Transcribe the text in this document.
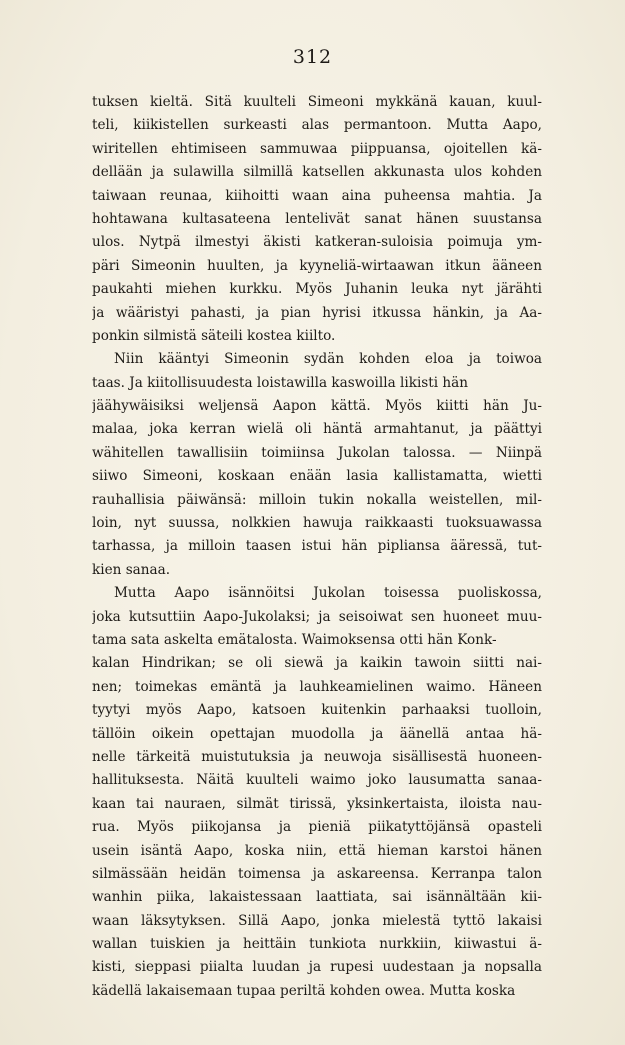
312
tuksen kieltä. Sitä kuulteli Simeoni mykkänä kauan, kuul-
teli, kiikistellen surkeasti alas permantoon. Mutta Aapo,
wiritellen ehtimiseen sammuwaa piippuansa, ojoitellen kä-
dellään ja sulawilla silmillä katsellen akkunasta ulos kohden
taiwaan reunaa, kiihoitti waan aina puheensa mahtia. Ja
hohtawana kultasateena lentelivät sanat hänen suustansa
ulos. Nytpä ilmestyi äkisti katkeran-suloisia poimuja ym-
päri Simeonin huulten, ja kyyneliä-wirtaawan itkun ääneen
paukahti miehen kurkku. Myös Juhanin leuka nyt järähti
ja wääristyi pahasti, ja pian hyrisi itkussa hänkin, ja Aa-
ponkin silmistä säteili kostea kiilto.
Niin kääntyi Simeonin sydän kohden eloa ja toiwoa
taas. Ja kiitollisuudesta loistawilla kaswoilla likisti hän
jäähywäisiksi weljensä Aapon kättä. Myös kiitti hän Ju-
malaa, joka kerran wielä oli häntä armahtanut, ja päättyi
wähitellen tawallisiin toimiinsa Jukolan talossa. — Niinpä
siiwo Simeoni, koskaan enään lasia kallistamatta, wietti
rauhallisia päiwänsä: milloin tukin nokalla weistellen, mil-
loin, nyt suussa, nolkkien hawuja raikkaasti tuoksuawassa
tarhassa, ja milloin taasen istui hän pipliansa ääressä, tut-
kien sanaa.
Mutta Aapo isännöitsi Jukolan toisessa puoliskossa,
joka kutsuttiin Aapo-Jukolaksi; ja seisoiwat sen huoneet muu-
tama sata askelta emätalosta. Waimoksensa otti hän Konk-
kalan Hindrikan; se oli siewä ja kaikin tawoin siitti nai-
nen; toimekas emäntä ja lauhkeamielinen waimo. Häneen
tyytyi myös Aapo, katsoen kuitenkin parhaaksi tuolloin,
tällöin oikein opettajan muodolla ja äänellä antaa hä-
nelle tärkeitä muistutuksia ja neuwoja sisällisestä huoneen-
hallituksesta. Näitä kuulteli waimo joko lausumatta sanaa-
kaan tai nauraen, silmät tirissä, yksinkertaista, iloista nau-
rua. Myös piikojansa ja pieniä piikatyttöjänsä opasteli
usein isäntä Aapo, koska niin, että hieman karstoi hänen
silmässään heidän toimensa ja askareensa. Kerranpa talon
wanhin piika, lakaistessaan laattiata, sai isännältään kii-
waan läksytyksen. Sillä Aapo, jonka mielestä tyttö lakaisi
wallan tuiskien ja heittäin tunkiota nurkkiin, kiiwastui ä-
kisti, sieppasi piialta luudan ja rupesi uudestaan ja nopsalla
kädellä lakaisemaan tupaa periltä kohden owea. Mutta koska
